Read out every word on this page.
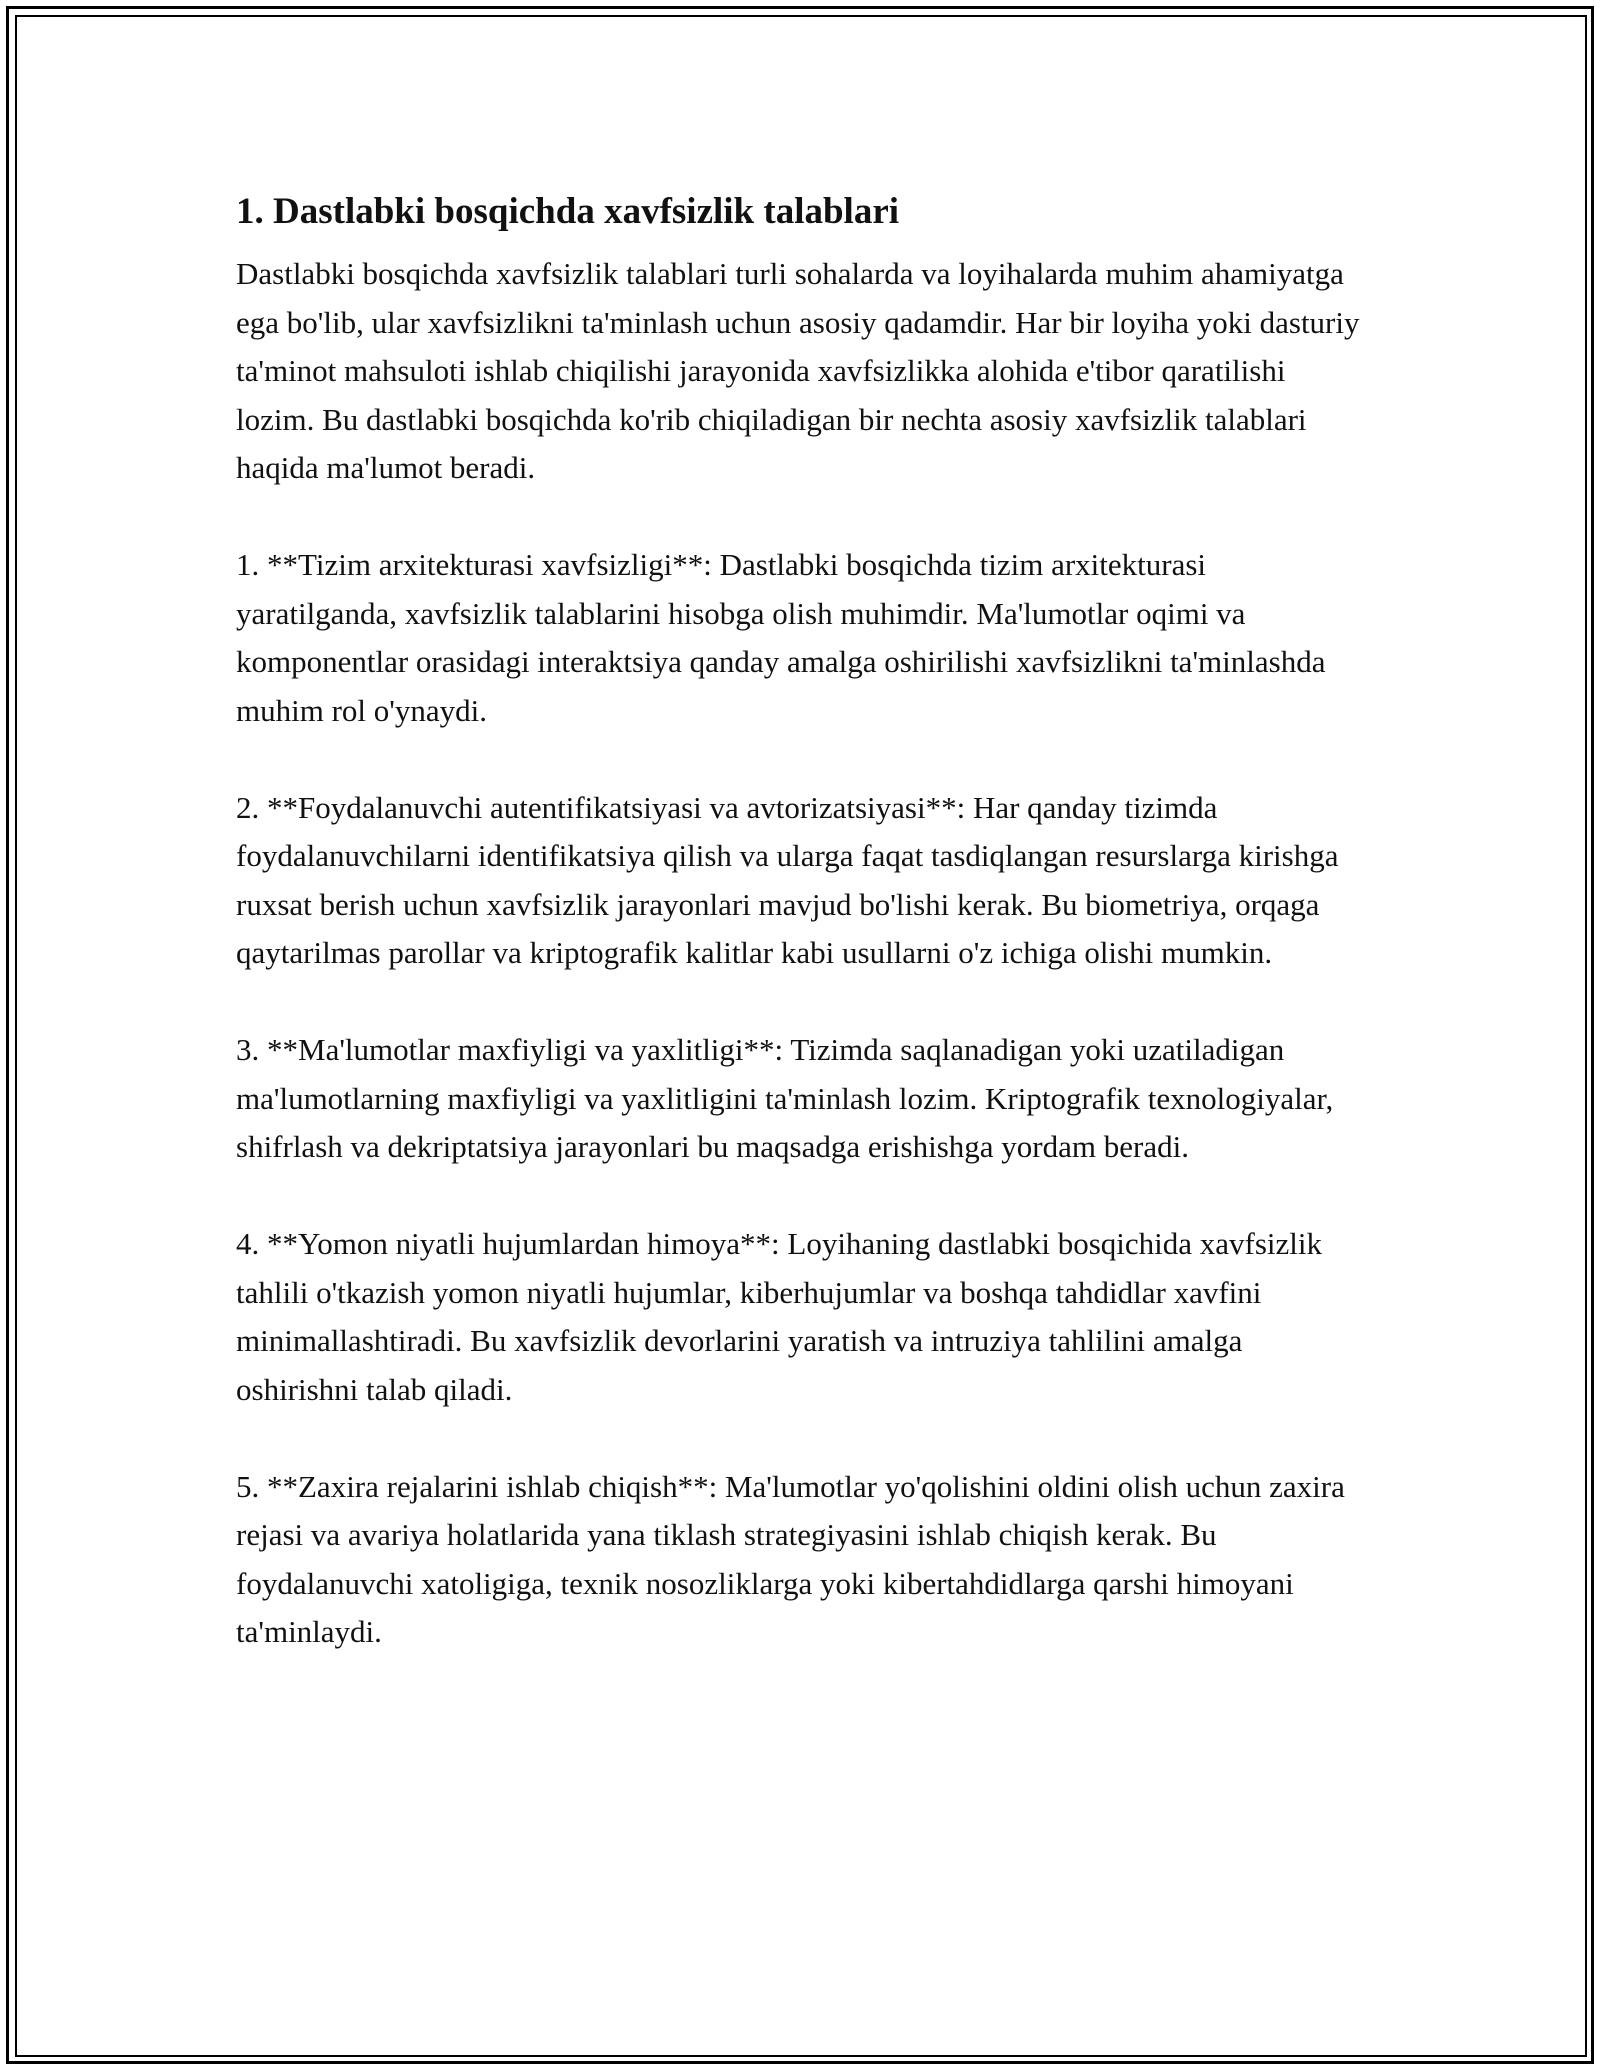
1. Dastlabki bosqichda xavfsizlik talablari

Dastlabki bosqichda xavfsizlik talablari turli sohalarda va loyihalarda muhim ahamiyatga ega bo'lib, ular xavfsizlikni ta'minlash uchun asosiy qadamdir. Har bir loyiha yoki dasturiy ta'minot mahsuloti ishlab chiqilishi jarayonida xavfsizlikka alohida e'tibor qaratilishi lozim. Bu dastlabki bosqichda ko'rib chiqiladigan bir nechta asosiy xavfsizlik talablari haqida ma'lumot beradi.

1. **Tizim arxitekturasi xavfsizligi**: Dastlabki bosqichda tizim arxitekturasi yaratilganda, xavfsizlik talablarini hisobga olish muhimdir. Ma'lumotlar oqimi va komponentlar orasidagi interaktsiya qanday amalga oshirilishi xavfsizlikni ta'minlashda muhim rol o'ynaydi.

2. **Foydalanuvchi autentifikatsiyasi va avtorizatsiyasi**: Har qanday tizimda foydalanuvchilarni identifikatsiya qilish va ularga faqat tasdiqlangan resurslarga kirishga ruxsat berish uchun xavfsizlik jarayonlari mavjud bo'lishi kerak. Bu biometriya, orqaga qaytarilmas parollar va kriptografik kalitlar kabi usullarni o'z ichiga olishi mumkin.

3. **Ma'lumotlar maxfiyligi va yaxlitligi**: Tizimda saqlanadigan yoki uzatiladigan ma'lumotlarning maxfiyligi va yaxlitligini ta'minlash lozim. Kriptografik texnologiyalar, shifrlash va dekriptatsiya jarayonlari bu maqsadga erishishga yordam beradi.

4. **Yomon niyatli hujumlardan himoya**: Loyihaning dastlabki bosqichida xavfsizlik tahlili o'tkazish yomon niyatli hujumlar, kiberhujumlar va boshqa tahdidlar xavfini minimallashtiradi. Bu xavfsizlik devorlarini yaratish va intruziya tahlilini amalga oshirishni talab qiladi.

5. **Zaxira rejalarini ishlab chiqish**: Ma'lumotlar yo'qolishini oldini olish uchun zaxira rejasi va avariya holatlarida yana tiklash strategiyasini ishlab chiqish kerak. Bu foydalanuvchi xatoligiga, texnik nosozliklarga yoki kibertahdidlarga qarshi himoyani ta'minlaydi.
